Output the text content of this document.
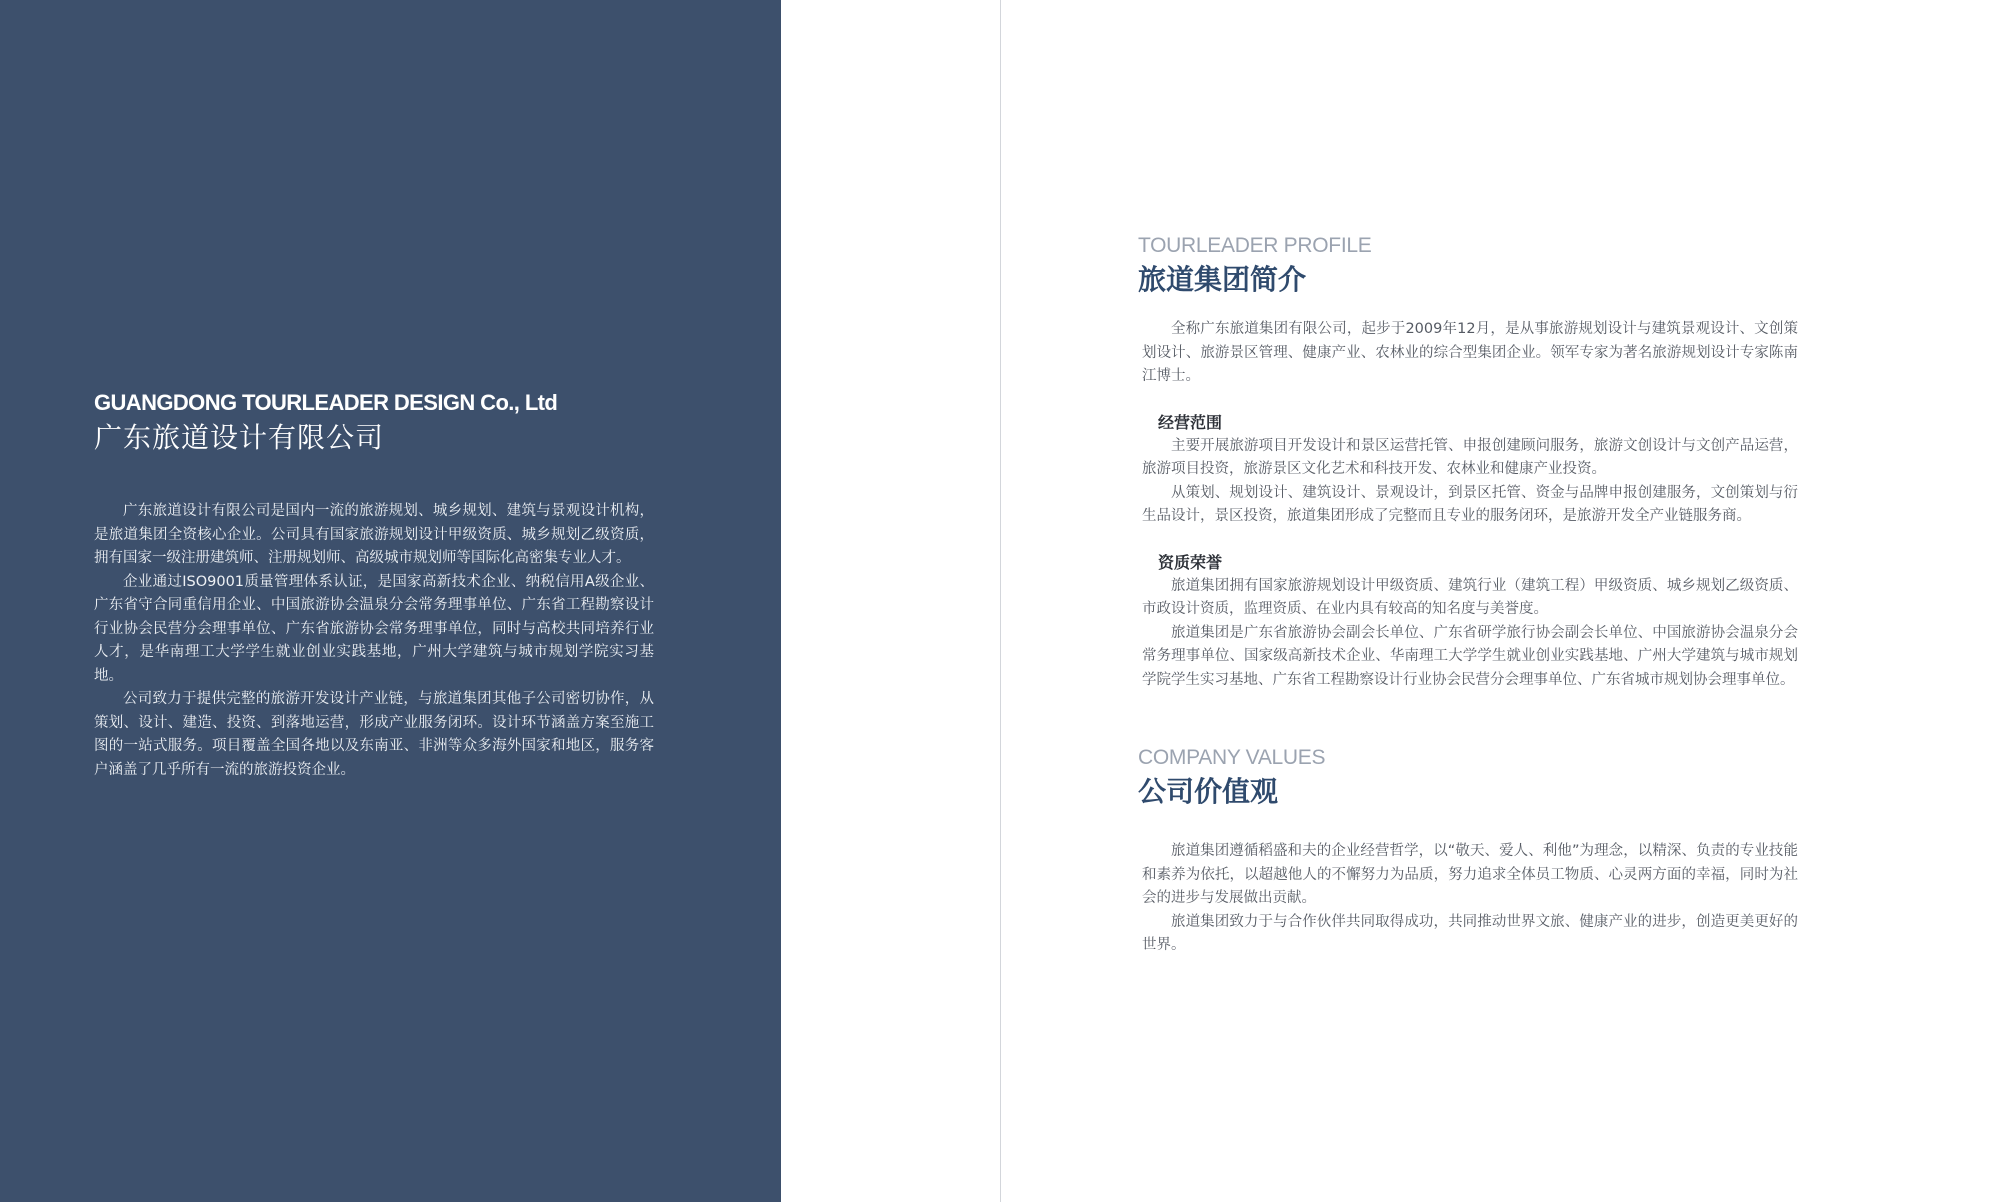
GUANGDONG TOURLEADER DESIGN Co., Ltd
广东旅道设计有限公司

广东旅道设计有限公司是国内一流的旅游规划、城乡规划、建筑与景观设计机构，是旅道集团全资核心企业。公司具有国家旅游规划设计甲级资质、城乡规划乙级资质，拥有国家一级注册建筑师、注册规划师、高级城市规划师等国际化高密集专业人才。

企业通过ISO9001质量管理体系认证，是国家高新技术企业、纳税信用A级企业、广东省守合同重信用企业、中国旅游协会温泉分会常务理事单位、广东省工程勘察设计行业协会民营分会理事单位、广东省旅游协会常务理事单位，同时与高校共同培养行业人才，是华南理工大学学生就业创业实践基地，广州大学建筑与城市规划学院实习基地。

公司致力于提供完整的旅游开发设计产业链，与旅道集团其他子公司密切协作，从策划、设计、建造、投资、到落地运营，形成产业服务闭环。设计环节涵盖方案至施工图的一站式服务。项目覆盖全国各地以及东南亚、非洲等众多海外国家和地区，服务客户涵盖了几乎所有一流的旅游投资企业。

TOURLEADER PROFILE
旅道集团简介

全称广东旅道集团有限公司，起步于2009年12月，是从事旅游规划设计与建筑景观设计、文创策划设计、旅游景区管理、健康产业、农林业的综合型集团企业。领军专家为著名旅游规划设计专家陈南江博士。

经营范围

主要开展旅游项目开发设计和景区运营托管、申报创建顾问服务，旅游文创设计与文创产品运营，旅游项目投资，旅游景区文化艺术和科技开发、农林业和健康产业投资。

从策划、规划设计、建筑设计、景观设计，到景区托管、资金与品牌申报创建服务，文创策划与衍生品设计，景区投资，旅道集团形成了完整而且专业的服务闭环，是旅游开发全产业链服务商。

资质荣誉

旅道集团拥有国家旅游规划设计甲级资质、建筑行业（建筑工程）甲级资质、城乡规划乙级资质、市政设计资质，监理资质、在业内具有较高的知名度与美誉度。

旅道集团是广东省旅游协会副会长单位、广东省研学旅行协会副会长单位、中国旅游协会温泉分会常务理事单位、国家级高新技术企业、华南理工大学学生就业创业实践基地、广州大学建筑与城市规划学院学生实习基地、广东省工程勘察设计行业协会民营分会理事单位、广东省城市规划协会理事单位。

COMPANY VALUES
公司价值观

旅道集团遵循稻盛和夫的企业经营哲学，以“敬天、爱人、利他”为理念，以精深、负责的专业技能和素养为依托，以超越他人的不懈努力为品质，努力追求全体员工物质、心灵两方面的幸福，同时为社会的进步与发展做出贡献。

旅道集团致力于与合作伙伴共同取得成功，共同推动世界文旅、健康产业的进步，创造更美更好的世界。
